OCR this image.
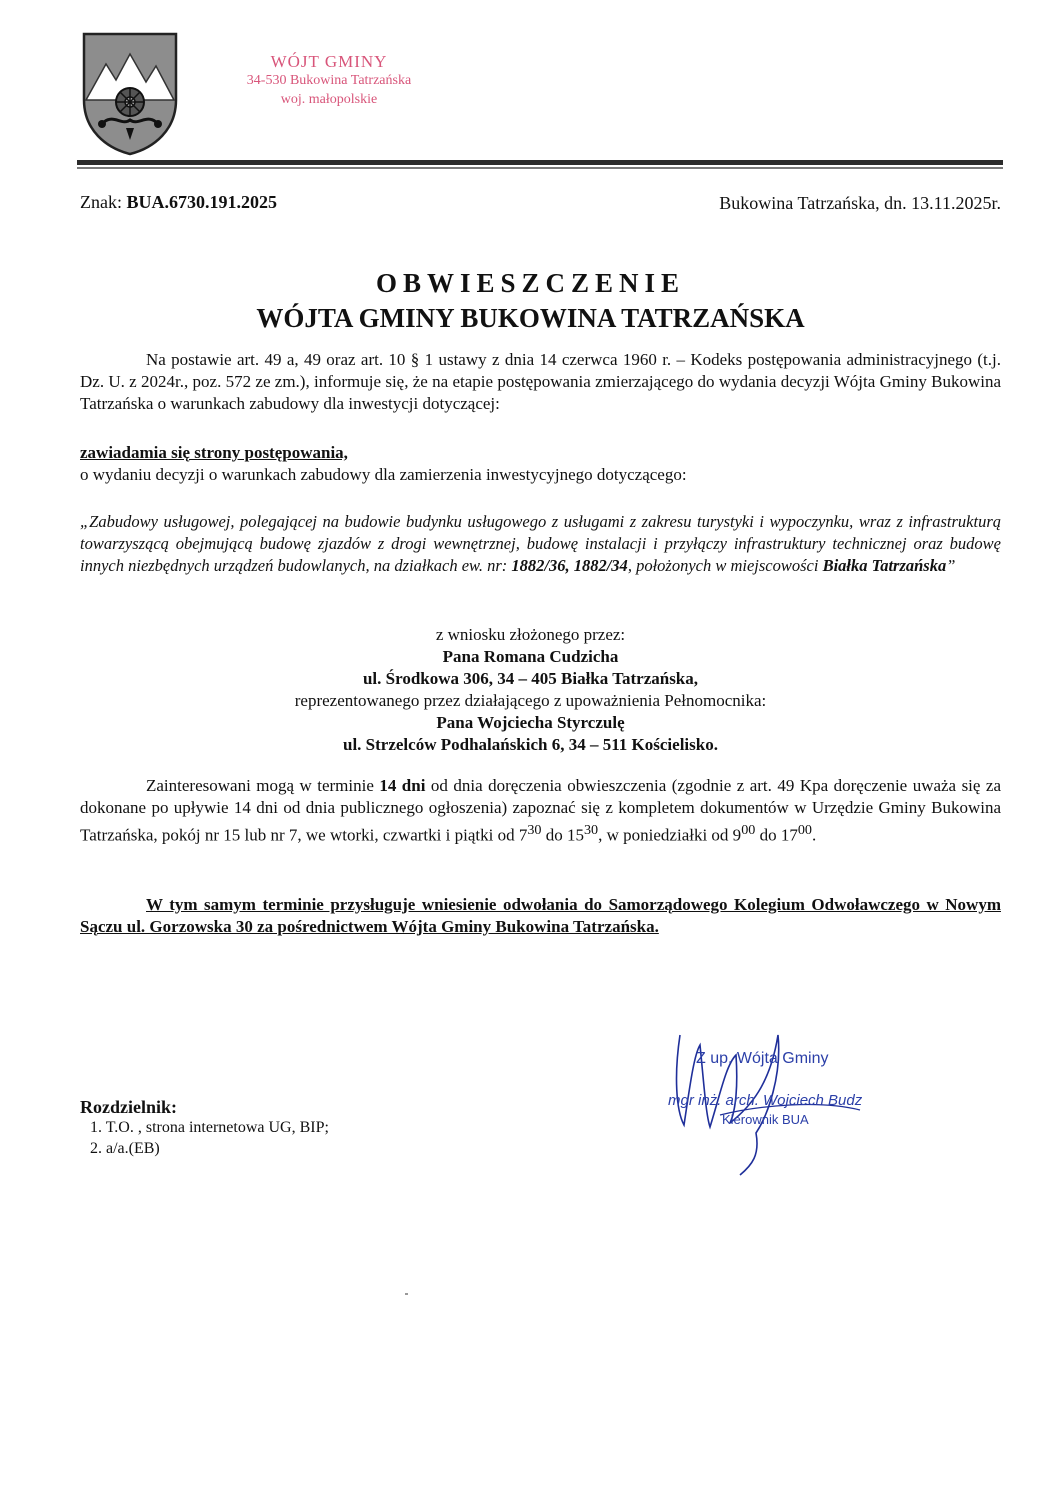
WÓJT GMINY
34-530 Bukowina Tatrzańska
woj. małopolskie
Znak: BUA.6730.191.2025	Bukowina Tatrzańska, dn. 13.11.2025r.
OBWIESZCZENIE
WÓJTA GMINY BUKOWINA TATRZAŃSKA
Na postawie art. 49 a, 49 oraz art. 10 § 1 ustawy z dnia 14 czerwca 1960 r. – Kodeks postępowania administracyjnego (t.j. Dz. U. z 2024r., poz. 572 ze zm.), informuje się, że na etapie postępowania zmierzającego do wydania decyzji Wójta Gminy Bukowina Tatrzańska o warunkach zabudowy dla inwestycji dotyczącej:
zawiadamia się strony postępowania,
o wydaniu decyzji o warunkach zabudowy dla zamierzenia inwestycyjnego dotyczącego:
„Zabudowy usługowej, polegającej na budowie budynku usługowego z usługami z zakresu turystyki i wypoczynku, wraz z infrastrukturą towarzyszącą obejmującą budowę zjazdów z drogi wewnętrznej, budowę instalacji i przyłączy infrastruktury technicznej oraz budowę innych niezbędnych urządzeń budowlanych, na działkach ew. nr: 1882/36, 1882/34, położonych w miejscowości Białka Tatrzańska”
z wniosku złożonego przez:
Pana Romana Cudzicha
ul. Środkowa 306, 34 – 405 Białka Tatrzańska,
reprezentowanego przez działającego z upoważnienia Pełnomocnika:
Pana Wojciecha Styrczulę
ul. Strzelców Podhalańskich 6, 34 – 511 Kościelisko.
Zainteresowani mogą w terminie 14 dni od dnia doręczenia obwieszczenia (zgodnie z art. 49 Kpa doręczenie uważa się za dokonane po upływie 14 dni od dnia publicznego ogłoszenia) zapoznać się z kompletem dokumentów w Urzędzie Gminy Bukowina Tatrzańska, pokój nr 15 lub nr 7, we wtorki, czwartki i piątki od $7^{30}$ do $15^{30}$, w poniedziałki od $9^{00}$ do $17^{00}$.
W tym samym terminie przysługuje wniesienie odwołania do Samorządowego Kolegium Odwoławczego w Nowym Sączu ul. Gorzowska 30 za pośrednictwem Wójta Gminy Bukowina Tatrzańska.
Z up. Wójta Gminy
mgr inż. arch. Wojciech Budz
Kierownik BUA
Rozdzielnik:
1. T.O. , strona internetowa UG, BIP;
2. a/a.(EB)
